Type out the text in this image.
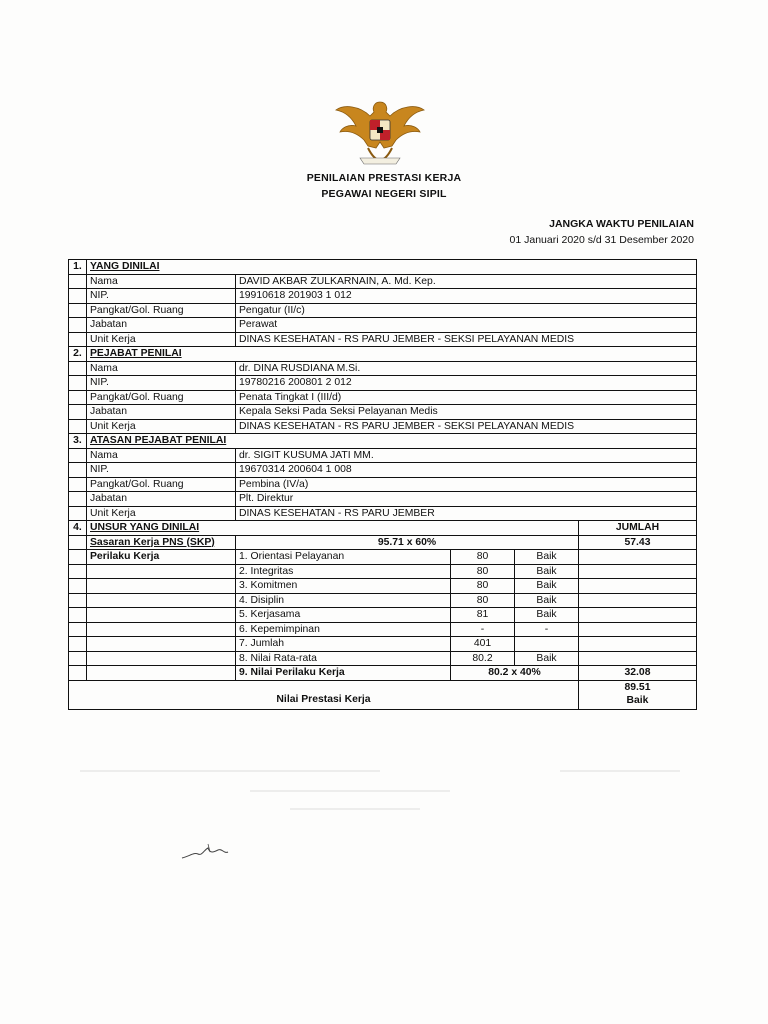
PENILAIAN PRESTASI KERJA
PEGAWAI NEGERI SIPIL
JANGKA WAKTU PENILAIAN
01 Januari 2020 s/d 31 Desember 2020
1.	YANG DINILAI				
	Nama	DAVID AKBAR ZULKARNAIN, A. Md. Kep.			
	NIP.	19910618 201903 1 012			
	Pangkat/Gol. Ruang	Pengatur (II/c)			
	Jabatan	Perawat			
	Unit Kerja	DINAS KESEHATAN - RS PARU JEMBER - SEKSI PELAYANAN MEDIS			
2.	PEJABAT PENILAI				
	Nama	dr. DINA RUSDIANA M.Si.			
	NIP.	19780216 200801 2 012			
	Pangkat/Gol. Ruang	Penata Tingkat I (III/d)			
	Jabatan	Kepala Seksi Pada Seksi Pelayanan Medis			
	Unit Kerja	DINAS KESEHATAN - RS PARU JEMBER - SEKSI PELAYANAN MEDIS			
3.	ATASAN PEJABAT PENILAI				
	Nama	dr. SIGIT KUSUMA JATI MM.			
	NIP.	19670314 200604 1 008			
	Pangkat/Gol. Ruang	Pembina (IV/a)			
	Jabatan	Plt. Direktur			
	Unit Kerja	DINAS KESEHATAN - RS PARU JEMBER			
4.	UNSUR YANG DINILAI				JUMLAH
	Sasaran Kerja PNS (SKP)	95.71 x 60%			57.43
	Perilaku Kerja	1. Orientasi Pelayanan	80	Baik	
		2. Integritas	80	Baik	
		3. Komitmen	80	Baik	
		4. Disiplin	80	Baik	
		5. Kerjasama	81	Baik	
		6. Kepemimpinan	-	-	
		7. Jumlah	401		
		8. Nilai Rata-rata	80.2	Baik	
		9. Nilai Perilaku Kerja	80.2 x 40%		32.08
Nilai Prestasi Kerja					89.51
Baik
